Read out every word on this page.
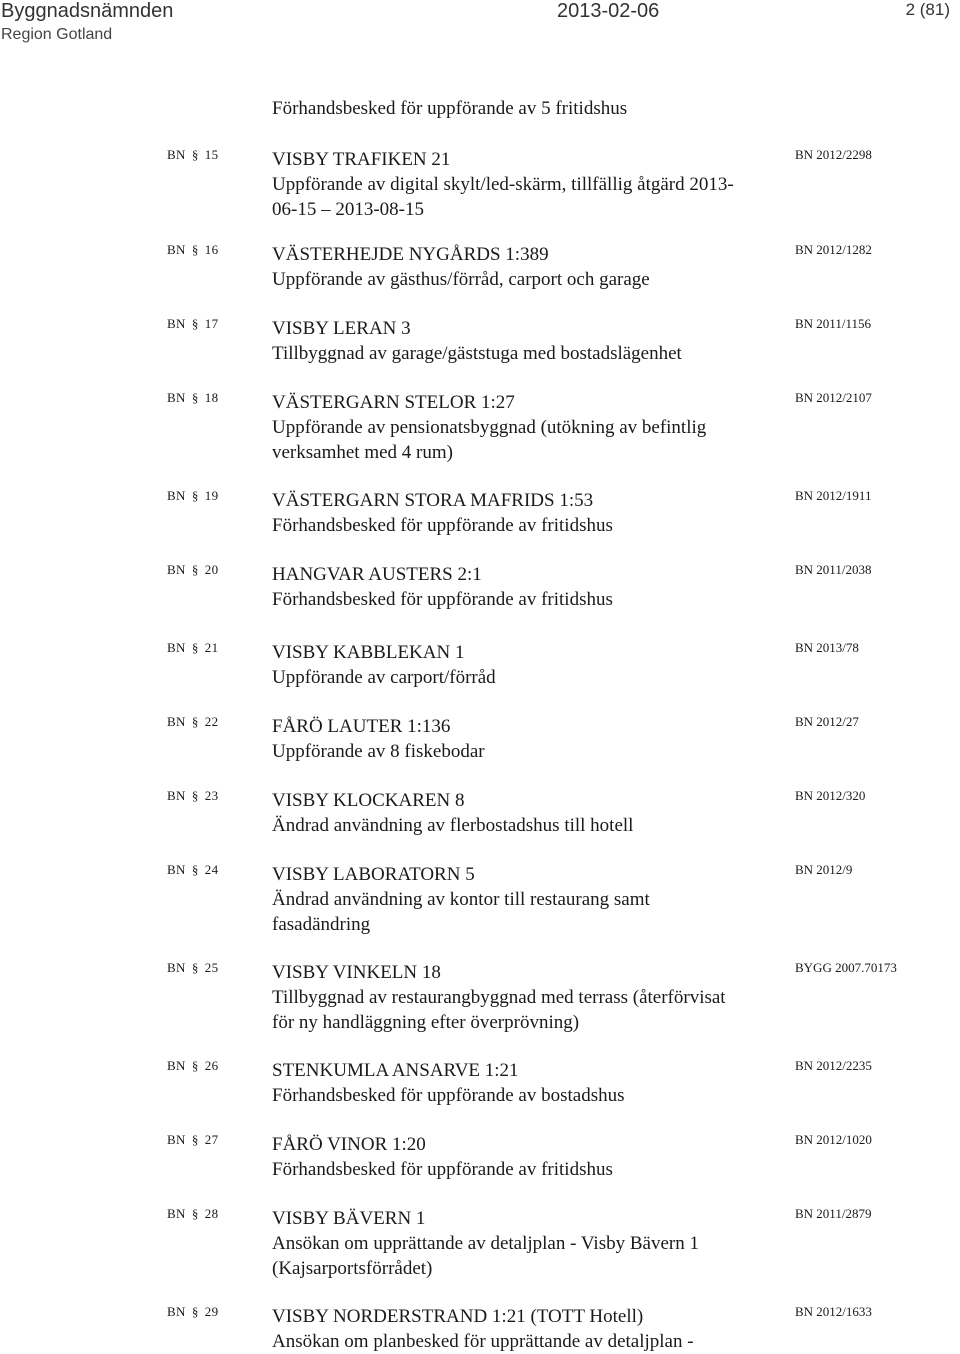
Byggnadsnämnden
Region Gotland
2013-02-06	2 (81)
Förhandsbesked för uppförande av 5 fritidshus
BN § 15	VISBY TRAFIKEN 21
Uppförande av digital skylt/led-skärm, tillfällig åtgärd 2013-
06-15 – 2013-08-15
BN 2012/2298
BN § 16	VÄSTERHEJDE NYGÅRDS 1:389
Uppförande av gästhus/förråd, carport och garage
BN 2012/1282
BN § 17	VISBY LERAN 3
Tillbyggnad av garage/gäststuga med bostadslägenhet
BN 2011/1156
BN § 18	VÄSTERGARN STELOR 1:27
Uppförande av pensionatsbyggnad (utökning av befintlig
verksamhet med 4 rum)
BN 2012/2107
BN § 19	VÄSTERGARN STORA MAFRIDS 1:53
Förhandsbesked för uppförande av fritidshus
BN 2012/1911
BN § 20	HANGVAR AUSTERS 2:1
Förhandsbesked för uppförande av fritidshus
BN 2011/2038
BN § 21	VISBY KABBLEKAN 1
Uppförande av carport/förråd
BN 2013/78
BN § 22	FÅRÖ LAUTER 1:136
Uppförande av 8 fiskebodar
BN 2012/27
BN § 23	VISBY KLOCKAREN 8
Ändrad användning av flerbostadshus till hotell
BN 2012/320
BN § 24	VISBY LABORATORN 5
Ändrad användning av kontor till restaurang samt
fasadändring
BN 2012/9
BN § 25	VISBY VINKELN 18
Tillbyggnad av restaurangbyggnad med terrass (återförvisat
för ny handläggning efter överprövning)
BYGG 2007.70173
BN § 26	STENKUMLA ANSARVE 1:21
Förhandsbesked för uppförande av bostadshus
BN 2012/2235
BN § 27	FÅRÖ VINOR 1:20
Förhandsbesked för uppförande av fritidshus
BN 2012/1020
BN § 28	VISBY BÄVERN 1
Ansökan om upprättande av detaljplan - Visby Bävern 1
(Kajsarportsförrådet)
BN 2011/2879
BN § 29	VISBY NORDERSTRAND 1:21 (TOTT Hotell)
Ansökan om planbesked för upprättande av detaljplan -
BN 2012/1633
